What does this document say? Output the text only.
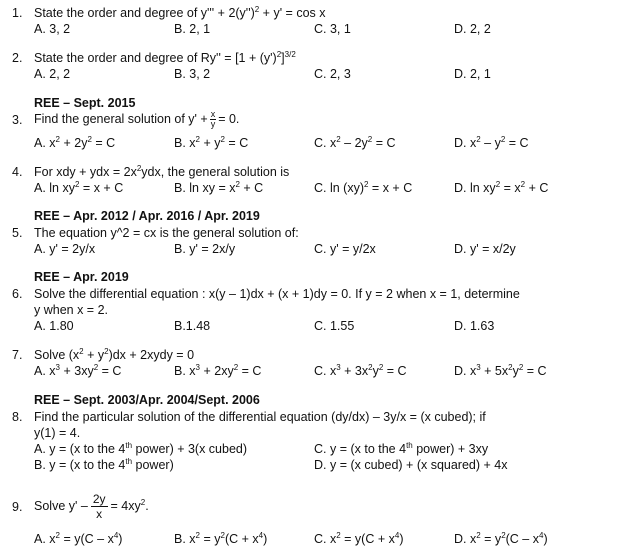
1. State the order and degree of $y''' + 2(y'')^2 + y' = \cos x$
A. 3, 2	B. 2, 1	C. 3, 1	D. 2, 2
2. State the order and degree of $Ry'' = [1 + (y')^2]^{3/2}$
A. 2, 2	B. 3, 2	C. 2, 3	D. 2, 1
REE – Sept. 2015
3. Find the general solution of $y' + \frac{x}{y} = 0$.
A. $x^2 + 2y^2 = C$	B. $x^2 + y^2 = C$	C. $x^2 - 2y^2 = C$	D. $x^2 - y^2 = C$
4. For xdy + ydx = $2x^2ydx$, the general solution is
A. $\ln xy^2 = x + C$	B. ln xy = $x^2 + C$	C. ln (xy)$^2$ = x + C	D. $\ln xy^2 = x^2 + C$
REE – Apr. 2012 / Apr. 2016 / Apr. 2019
5. The equation y^2 = cx is the general solution of:
A. y' = 2y/x	B. y' = 2x/y	C. y' = y/2x	D. y' = x/2y
REE – Apr. 2019
6. Solve the differential equation : x(y – 1)dx + (x + 1)dy = 0. If y = 2 when x = 1, determine
y when x = 2.
A. 1.80	B.1.48	C. 1.55	D. 1.63
7. Solve $(x^2 + y^2)dx$ + 2xydy = 0
A. $x^3 + 3xy^2 = C$	B. $x^3 + 2xy^2 = C$	C. $x^3 + 3x^2y^2 = C$	D. $x^3 + 5x^2y^2 = C$
REE – Sept. 2003/Apr. 2004/Sept. 2006
8. Find the particular solution of the differential equation (dy/dx) – 3y/x = (x cubed); if
y(1) = 4.
A. y = (x to the 4th power) + 3(x cubed)	C. y = (x to the 4th power) + 3xy
B. y = (x to the 4th power)	D. y = (x cubed) + (x squared) + 4x
9. Solve $y' - \frac{2y}{x} = 4xy^2$.
A. $x^2 = y(C - x^4)$	B. $x^2 = y^2(C + x^4)$	C. $x^2 = y(C + x^4)$	D. $x^2 = y^2(C - x^4)$
